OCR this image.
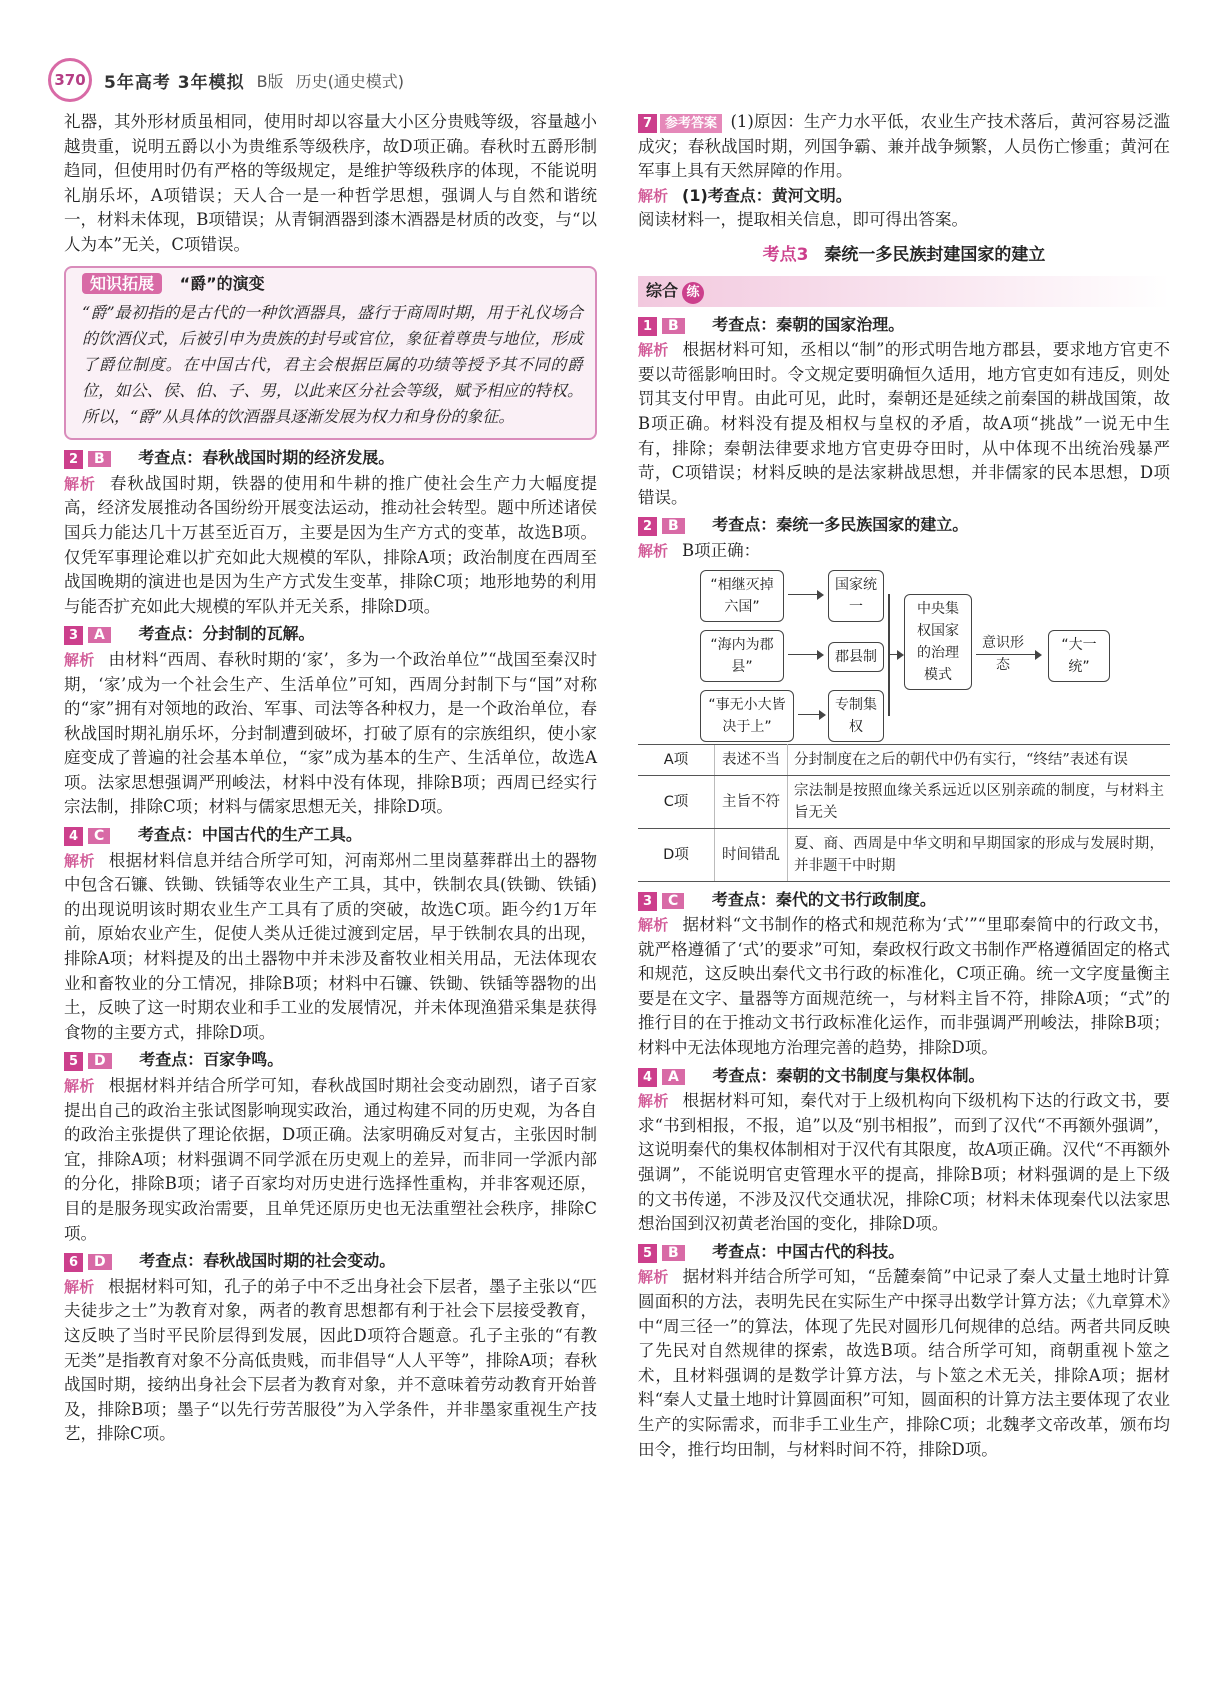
370	5年高考 3年模拟 B版 历史(通史模式)

礼器，其外形材质虽相同，使用时却以容量大小区分贵贱等级，容量越小越贵重，说明五爵以小为贵维系等级秩序，故D项正确。春秋时五爵形制趋同，但使用时仍有严格的等级规定，是维护等级秩序的体现，不能说明礼崩乐坏，A项错误；天人合一是一种哲学思想，强调人与自然和谐统一，材料未体现，B项错误；从青铜酒器到漆木酒器是材质的改变，与“以人为本”无关，C项错误。

知识拓展 “爵”的演变
“爵”最初指的是古代的一种饮酒器具，盛行于商周时期，用于礼仪场合的饮酒仪式，后被引申为贵族的封号或官位，象征着尊贵与地位，形成了爵位制度。在中国古代，君主会根据臣属的功绩等授予其不同的爵位，如公、侯、伯、子、男，以此来区分社会等级，赋予相应的特权。所以，“爵”从具体的饮酒器具逐渐发展为权力和身份的象征。
2 B 考查点：春秋战国时期的经济发展。

解析 春秋战国时期，铁器的使用和牛耕的推广使社会生产力大幅度提高，经济发展推动各国纷纷开展变法运动，推动社会转型。题中所述诸侯国兵力能达几十万甚至近百万，主要是因为生产方式的变革，故选B项。仅凭军事理论难以扩充如此大规模的军队，排除A项；政治制度在西周至战国晚期的演进也是因为生产方式发生变革，排除C项；地形地势的利用与能否扩充如此大规模的军队并无关系，排除D项。

3 A 考查点：分封制的瓦解。

解析 由材料“西周、春秋时期的‘家’，多为一个政治单位”“战国至秦汉时期，‘家’成为一个社会生产、生活单位”可知，西周分封制下与“国”对称的“家”拥有对领地的政治、军事、司法等各种权力，是一个政治单位，春秋战国时期礼崩乐坏，分封制遭到破坏，打破了原有的宗族组织，使小家庭变成了普遍的社会基本单位，“家”成为基本的生产、生活单位，故选A项。法家思想强调严刑峻法，材料中没有体现，排除B项；西周已经实行宗法制，排除C项；材料与儒家思想无关，排除D项。

4 C 考查点：中国古代的生产工具。

解析 根据材料信息并结合所学可知，河南郑州二里岗墓葬群出土的器物中包含石镰、铁锄、铁锸等农业生产工具，其中，铁制农具(铁锄、铁锸)的出现说明该时期农业生产工具有了质的突破，故选C项。距今约1万年前，原始农业产生，促使人类从迁徙过渡到定居，早于铁制农具的出现，排除A项；材料提及的出土器物中并未涉及畜牧业相关用品，无法体现农业和畜牧业的分工情况，排除B项；材料中石镰、铁锄、铁锸等器物的出土，反映了这一时期农业和手工业的发展情况，并未体现渔猎采集是获得食物的主要方式，排除D项。

5 D 考查点：百家争鸣。

解析 根据材料并结合所学可知，春秋战国时期社会变动剧烈，诸子百家提出自己的政治主张试图影响现实政治，通过构建不同的历史观，为各自的政治主张提供了理论依据，D项正确。法家明确反对复古，主张因时制宜，排除A项；材料强调不同学派在历史观上的差异，而非同一学派内部的分化，排除B项；诸子百家均对历史进行选择性重构，并非客观还原，目的是服务现实政治需要，且单凭还原历史也无法重塑社会秩序，排除C项。

6 D 考查点：春秋战国时期的社会变动。

解析 根据材料可知，孔子的弟子中不乏出身社会下层者，墨子主张以“匹夫徒步之士”为教育对象，两者的教育思想都有利于社会下层接受教育，这反映了当时平民阶层得到发展，因此D项符合题意。孔子主张的“有教无类”是指教育对象不分高低贵贱，而非倡导“人人平等”，排除A项；春秋战国时期，接纳出身社会下层者为教育对象，并不意味着劳动教育开始普及，排除B项；墨子“以先行劳苦服役”为入学条件，并非墨家重视生产技艺，排除C项。

7 参考答案 (1)原因：生产力水平低，农业生产技术落后，黄河容易泛滥成灾；春秋战国时期，列国争霸、兼并战争频繁，人员伤亡惨重；黄河在军事上具有天然屏障的作用。

解析 (1)考查点：黄河文明。

阅读材料一，提取相关信息，即可得出答案。

考点3 秦统一多民族封建国家的建立
综合 练
1 B 考查点：秦朝的国家治理。

解析 根据材料可知，丞相以“制”的形式明告地方郡县，要求地方官吏不要以苛徭影响田时。令文规定要明确恒久适用，地方官吏如有违反，则处罚其支付甲胄。由此可见，此时，秦朝还是延续之前秦国的耕战国策，故B项正确。材料没有提及相权与皇权的矛盾，故A项“挑战”一说无中生有，排除；秦朝法律要求地方官吏毋夺田时，从中体现不出统治残暴严苛，C项错误；材料反映的是法家耕战思想，并非儒家的民本思想，D项错误。

2 B 考查点：秦统一多民族国家的建立。

解析 B项正确：

“相继灭掉六国”
“海内为郡县”
“事无小大皆决于上”
国家统一
郡县制
专制集权
中央集权国家的治理模式
意识形态
“大一统”
A项	表述不当	分封制度在之后的朝代中仍有实行，“终结”表述有误
C项	主旨不符	宗法制是按照血缘关系远近以区别亲疏的制度，与材料主旨无关
D项	时间错乱	夏、商、西周是中华文明和早期国家的形成与发展时期，并非题干中时期
3 C 考查点：秦代的文书行政制度。

解析 据材料“文书制作的格式和规范称为‘式’”“里耶秦简中的行政文书，就严格遵循了‘式’的要求”可知，秦政权行政文书制作严格遵循固定的格式和规范，这反映出秦代文书行政的标准化，C项正确。统一文字度量衡主要是在文字、量器等方面规范统一，与材料主旨不符，排除A项；“式”的推行目的在于推动文书行政标准化运作，而非强调严刑峻法，排除B项；材料中无法体现地方治理完善的趋势，排除D项。

4 A 考查点：秦朝的文书制度与集权体制。

解析 根据材料可知，秦代对于上级机构向下级机构下达的行政文书，要求“书到相报，不报，追”以及“别书相报”，而到了汉代“不再额外强调”，这说明秦代的集权体制相对于汉代有其限度，故A项正确。汉代“不再额外强调”，不能说明官吏管理水平的提高，排除B项；材料强调的是上下级的文书传递，不涉及汉代交通状况，排除C项；材料未体现秦代以法家思想治国到汉初黄老治国的变化，排除D项。

5 B 考查点：中国古代的科技。

解析 据材料并结合所学可知，“岳麓秦简”中记录了秦人丈量土地时计算圆面积的方法，表明先民在实际生产中探寻出数学计算方法；《九章算术》中“周三径一”的算法，体现了先民对圆形几何规律的总结。两者共同反映了先民对自然规律的探索，故选B项。结合所学可知，商朝重视卜筮之术，且材料强调的是数学计算方法，与卜筮之术无关，排除A项；据材料“秦人丈量土地时计算圆面积”可知，圆面积的计算方法主要体现了农业生产的实际需求，而非手工业生产，排除C项；北魏孝文帝改革，颁布均田令，推行均田制，与材料时间不符，排除D项。
